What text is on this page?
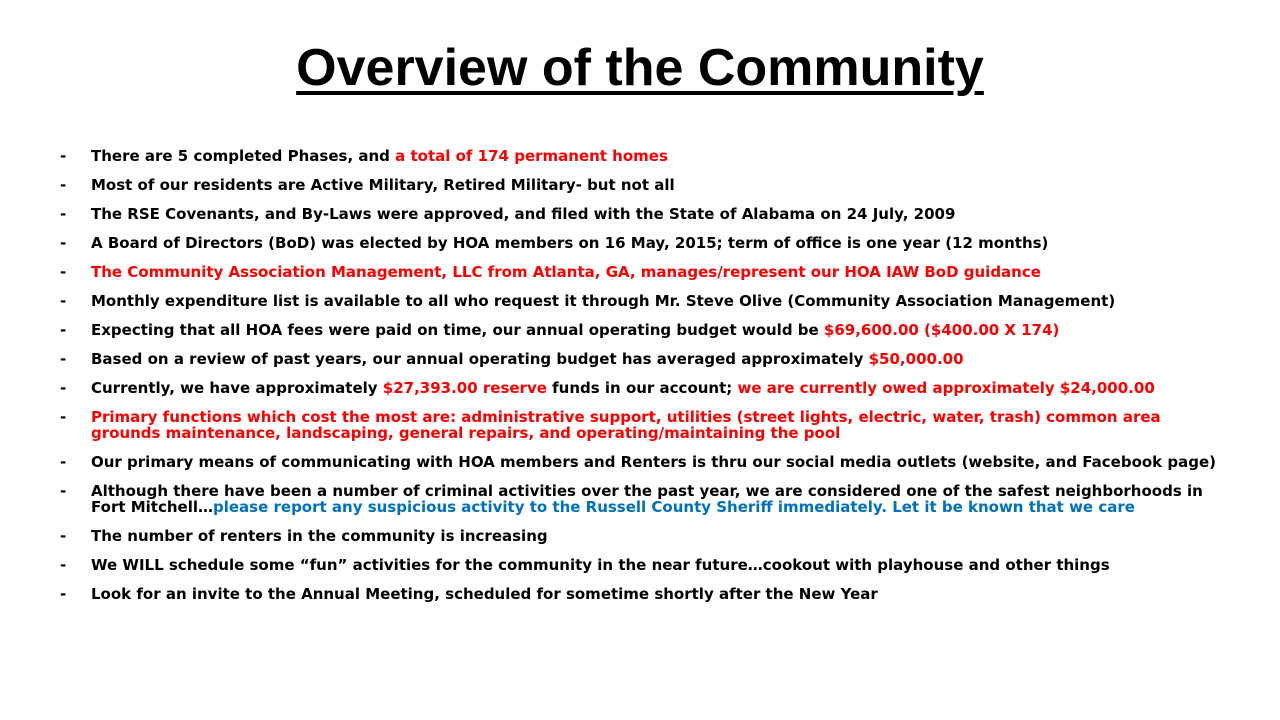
Overview of the Community
-	There are 5 completed Phases, and a total of 174 permanent homes
-	Most of our residents are Active Military, Retired Military- but not all
-	The RSE Covenants, and By-Laws were approved, and filed with the State of Alabama on 24 July, 2009
-	A Board of Directors (BoD) was elected by HOA members on 16 May, 2015; term of office is one year (12 months)
-	The Community Association Management, LLC from Atlanta, GA, manages/represent our HOA IAW BoD guidance
-	Monthly expenditure list is available to all who request it through Mr. Steve Olive (Community Association Management)
-	Expecting that all HOA fees were paid on time, our annual operating budget would be $69,600.00 ($400.00 X 174)
-	Based on a review of past years, our annual operating budget has averaged approximately $50,000.00
-	Currently, we have approximately $27,393.00 reserve funds in our account; we are currently owed approximately $24,000.00
-	Primary functions which cost the most are: administrative support, utilities (street lights, electric, water, trash) common area grounds maintenance, landscaping, general repairs, and operating/maintaining the pool
-	Our primary means of communicating with HOA members and Renters is thru our social media outlets (website, and Facebook page)
-	Although there have been a number of criminal activities over the past year, we are considered one of the safest neighborhoods in Fort Mitchell…please report any suspicious activity to the Russell County Sheriff immediately. Let it be known that we care
-	The number of renters in the community is increasing
-	We WILL schedule some “fun” activities for the community in the near future…cookout with playhouse and other things
-	Look for an invite to the Annual Meeting, scheduled for sometime shortly after the New Year
